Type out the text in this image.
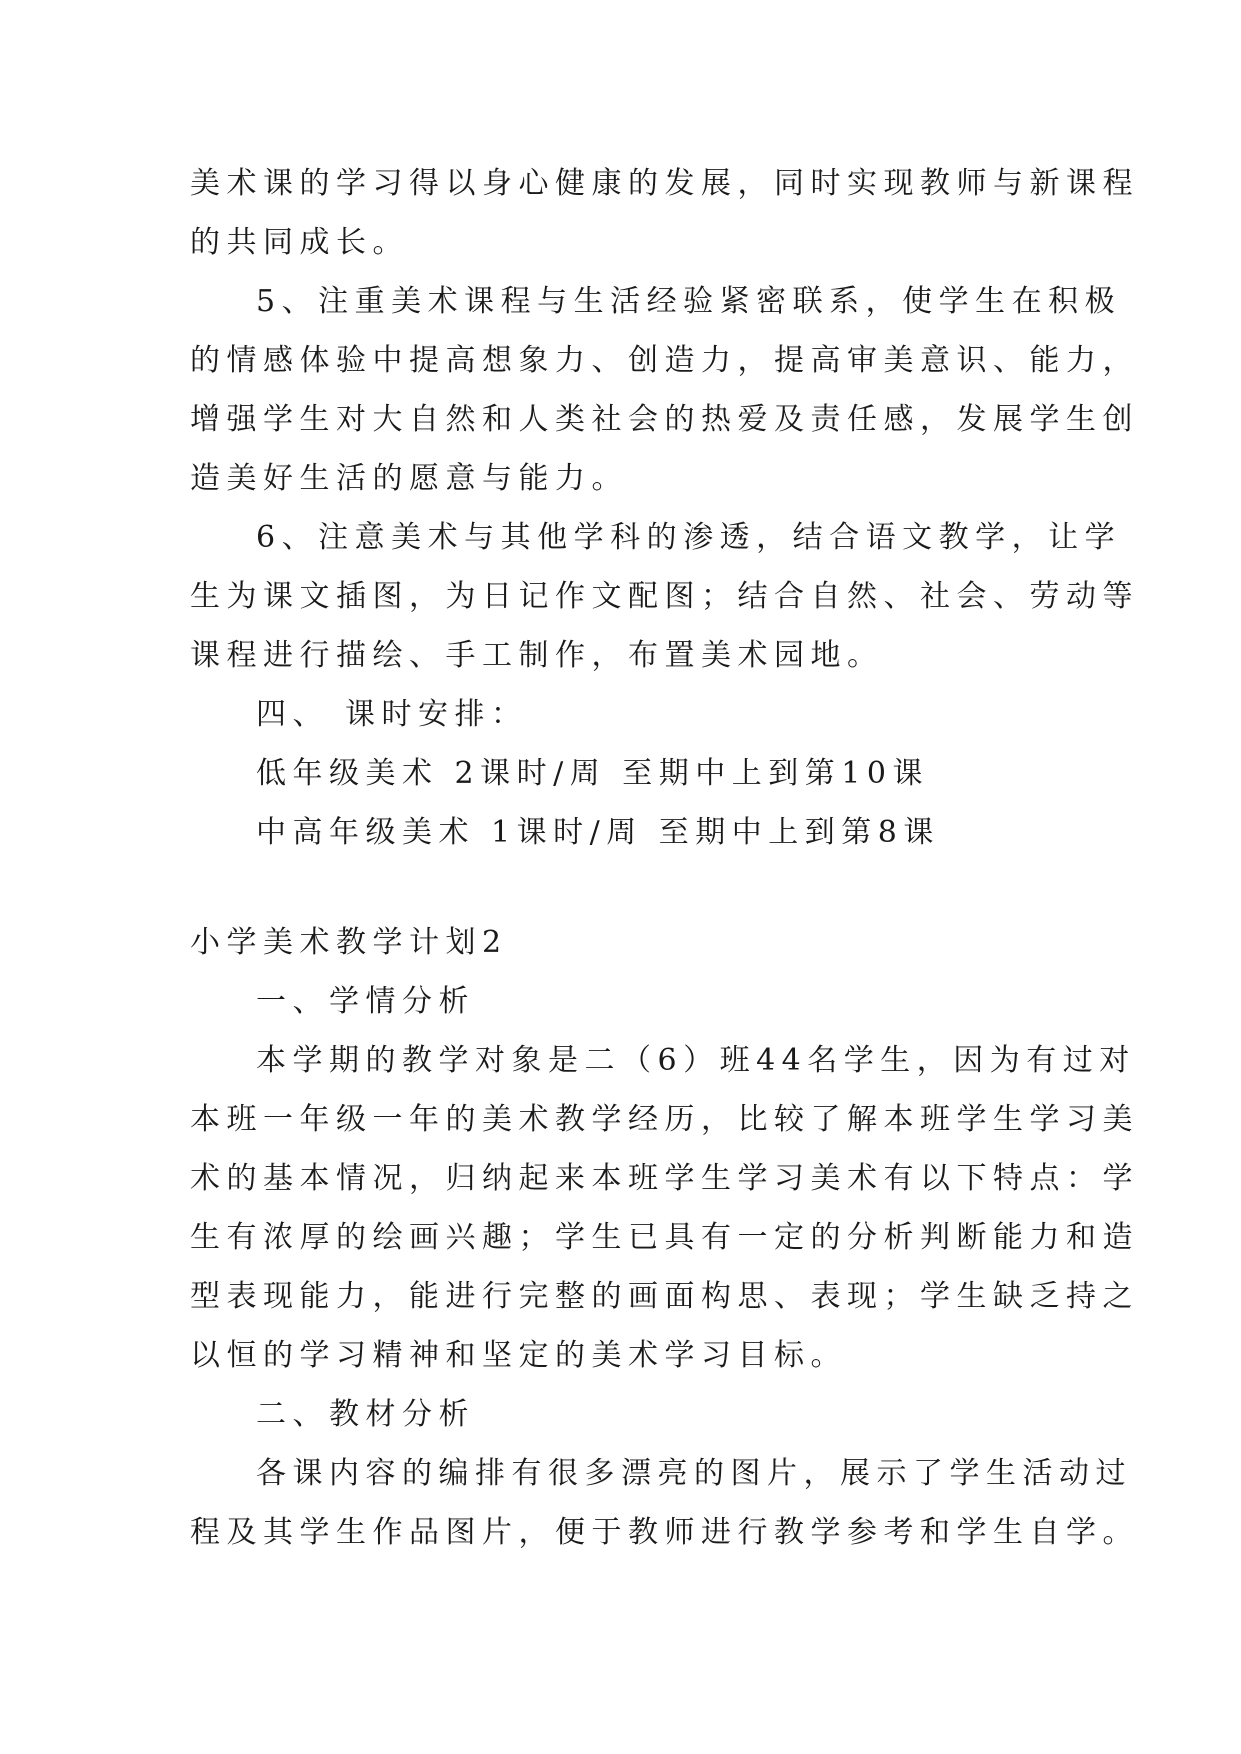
美术课的学习得以身心健康的发展，同时实现教师与新课程
的共同成长。
5、注重美术课程与生活经验紧密联系，使学生在积极
的情感体验中提高想象力、创造力，提高审美意识、能力，
增强学生对大自然和人类社会的热爱及责任感，发展学生创
造美好生活的愿意与能力。
6、注意美术与其他学科的渗透，结合语文教学，让学
生为课文插图，为日记作文配图；结合自然、社会、劳动等
课程进行描绘、手工制作，布置美术园地。
四、 课时安排：
低年级美术 2课时/周 至期中上到第10课
中高年级美术 1课时/周 至期中上到第8课
小学美术教学计划2
一、学情分析
本学期的教学对象是二（6）班44名学生，因为有过对
本班一年级一年的美术教学经历，比较了解本班学生学习美
术的基本情况，归纳起来本班学生学习美术有以下特点：学
生有浓厚的绘画兴趣；学生已具有一定的分析判断能力和造
型表现能力，能进行完整的画面构思、表现；学生缺乏持之
以恒的学习精神和坚定的美术学习目标。
二、教材分析
各课内容的编排有很多漂亮的图片，展示了学生活动过
程及其学生作品图片，便于教师进行教学参考和学生自学。
